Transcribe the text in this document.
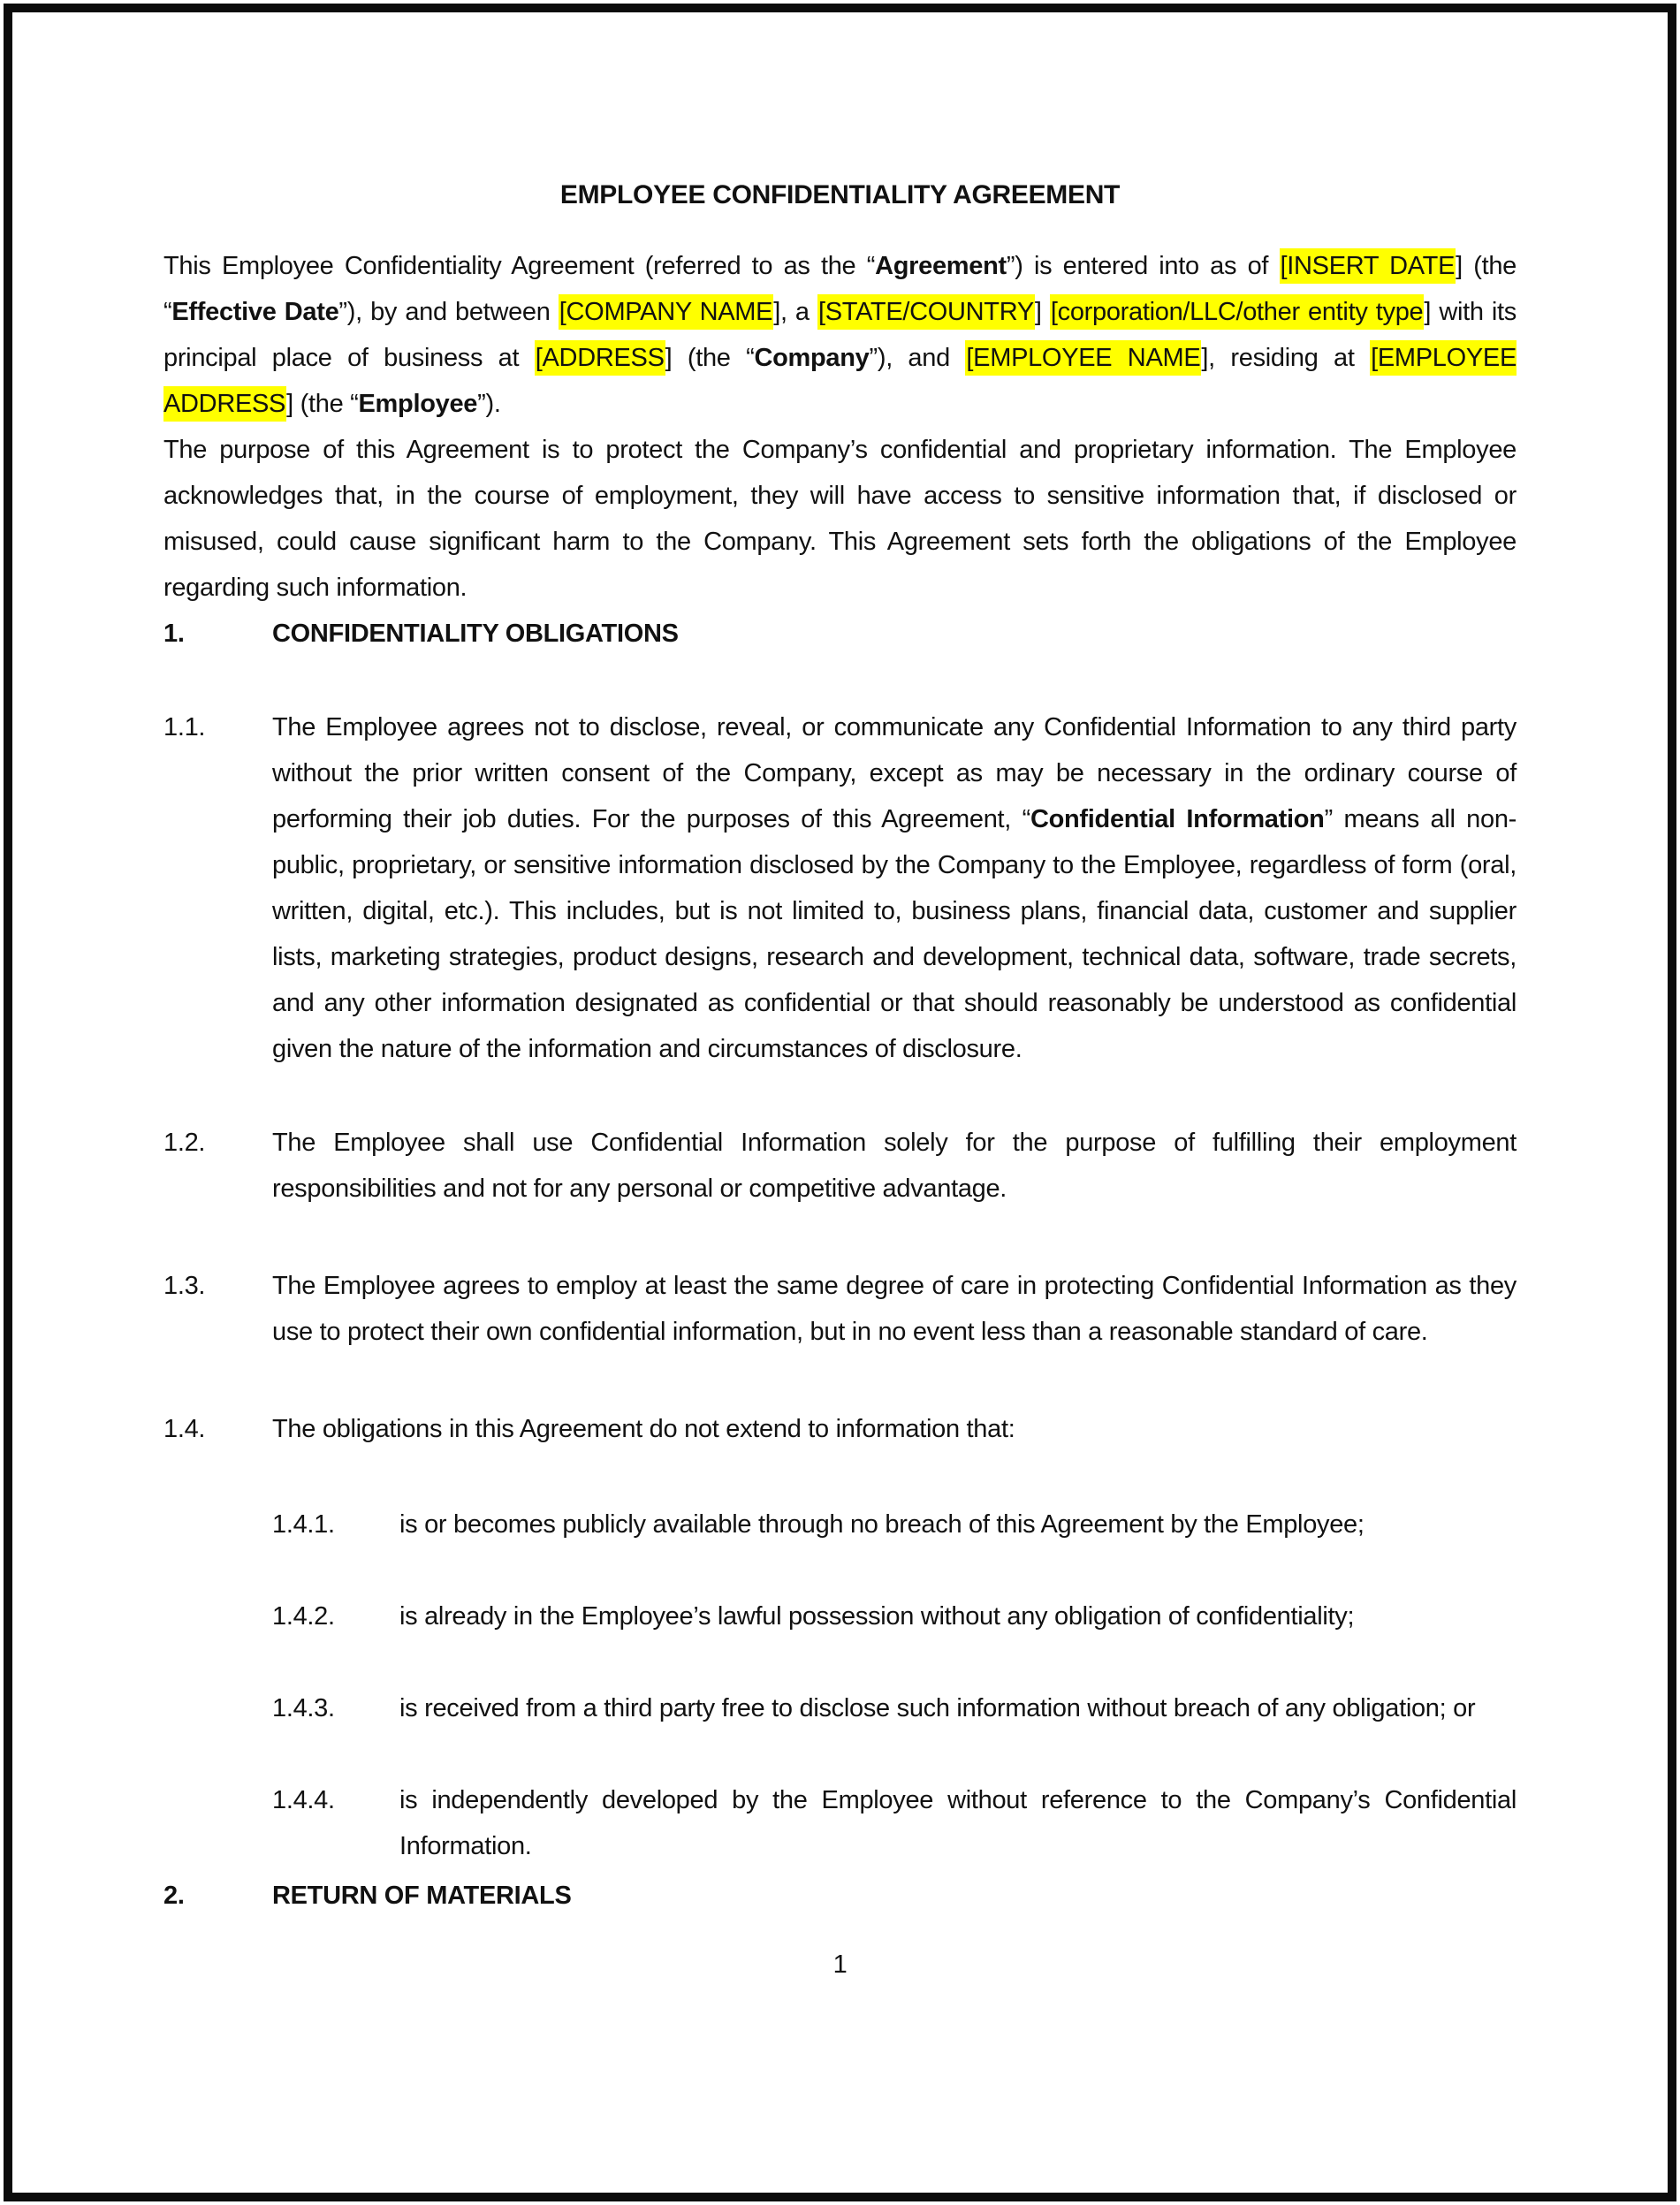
EMPLOYEE CONFIDENTIALITY AGREEMENT

This Employee Confidentiality Agreement (referred to as the “Agreement”) is entered into as of [INSERT DATE] (the “Effective Date”), by and between [COMPANY NAME], a [STATE/COUNTRY] [corporation/LLC/other entity type] with its principal place of business at [ADDRESS] (the “Company”), and [EMPLOYEE NAME], residing at [EMPLOYEE ADDRESS] (the “Employee”).

The purpose of this Agreement is to protect the Company’s confidential and proprietary information. The Employee acknowledges that, in the course of employment, they will have access to sensitive information that, if disclosed or misused, could cause significant harm to the Company. This Agreement sets forth the obligations of the Employee regarding such information.

1.	CONFIDENTIALITY OBLIGATIONS
1.1.	The Employee agrees not to disclose, reveal, or communicate any Confidential Information to any third party without the prior written consent of the Company, except as may be necessary in the ordinary course of performing their job duties. For the purposes of this Agreement, “Confidential Information” means all non-public, proprietary, or sensitive information disclosed by the Company to the Employee, regardless of form (oral, written, digital, etc.). This includes, but is not limited to, business plans, financial data, customer and supplier lists, marketing strategies, product designs, research and development, technical data, software, trade secrets, and any other information designated as confidential or that should reasonably be understood as confidential given the nature of the information and circumstances of disclosure.
1.2.	The Employee shall use Confidential Information solely for the purpose of fulfilling their employment responsibilities and not for any personal or competitive advantage.
1.3.	The Employee agrees to employ at least the same degree of care in protecting Confidential Information as they use to protect their own confidential information, but in no event less than a reasonable standard of care.
1.4.	The obligations in this Agreement do not extend to information that:
1.4.1.	is or becomes publicly available through no breach of this Agreement by the Employee;
1.4.2.	is already in the Employee’s lawful possession without any obligation of confidentiality;
1.4.3.	is received from a third party free to disclose such information without breach of any obligation; or
1.4.4.	is independently developed by the Employee without reference to the Company’s Confidential Information.
2.	RETURN OF MATERIALS
1
